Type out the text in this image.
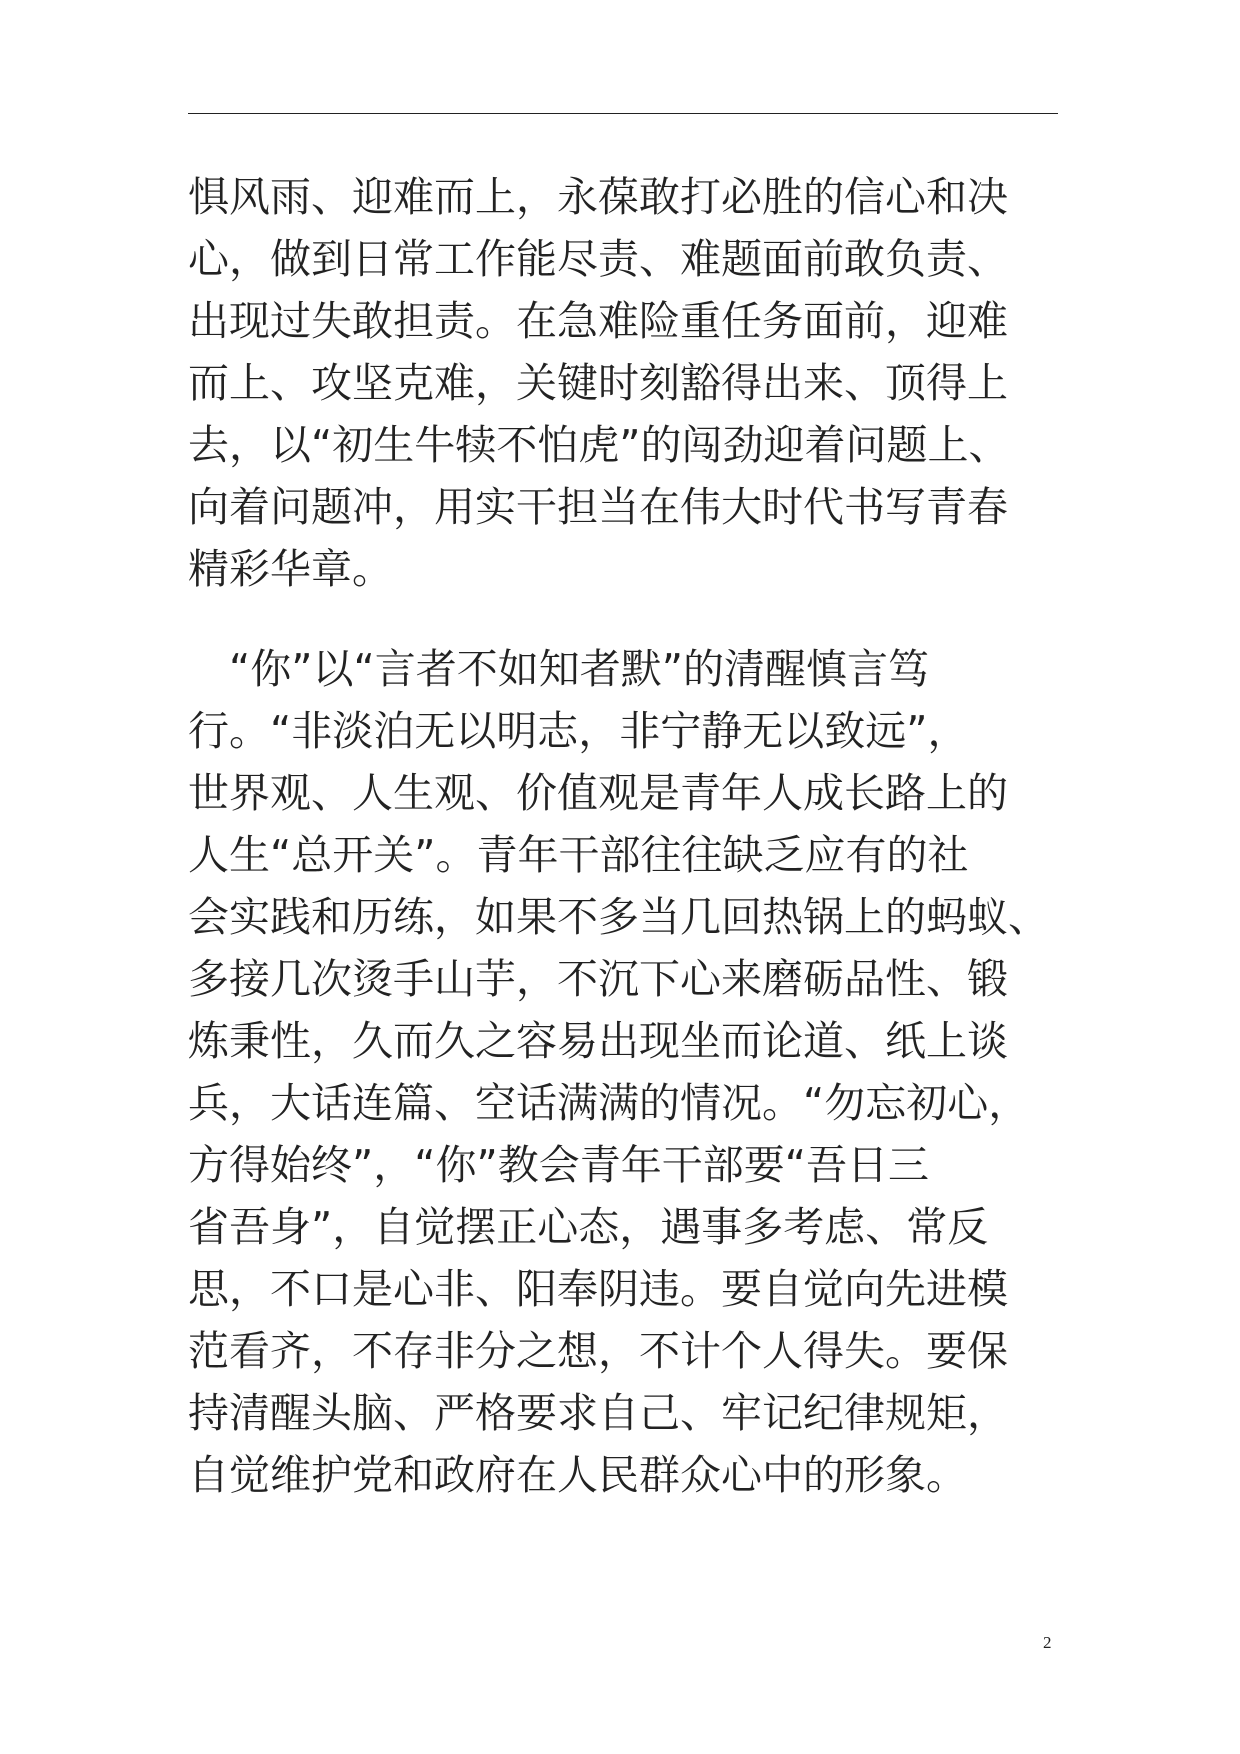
惧风雨、迎难而上，永葆敢打必胜的信心和决
心，做到日常工作能尽责、难题面前敢负责、
出现过失敢担责。在急难险重任务面前，迎难
而上、攻坚克难，关键时刻豁得出来、顶得上
去，以“初生牛犊不怕虎”的闯劲迎着问题上、
向着问题冲，用实干担当在伟大时代书写青春
精彩华章。
　“你”以“言者不如知者默”的清醒慎言笃
行。“非淡泊无以明志，非宁静无以致远”，
世界观、人生观、价值观是青年人成长路上的
人生“总开关”。青年干部往往缺乏应有的社
会实践和历练，如果不多当几回热锅上的蚂蚁、
多接几次烫手山芋，不沉下心来磨砺品性、锻
炼秉性，久而久之容易出现坐而论道、纸上谈
兵，大话连篇、空话满满的情况。“勿忘初心，
方得始终”，“你”教会青年干部要“吾日三
省吾身”，自觉摆正心态，遇事多考虑、常反
思，不口是心非、阳奉阴违。要自觉向先进模
范看齐，不存非分之想，不计个人得失。要保
持清醒头脑、严格要求自己、牢记纪律规矩，
自觉维护党和政府在人民群众心中的形象。
2
